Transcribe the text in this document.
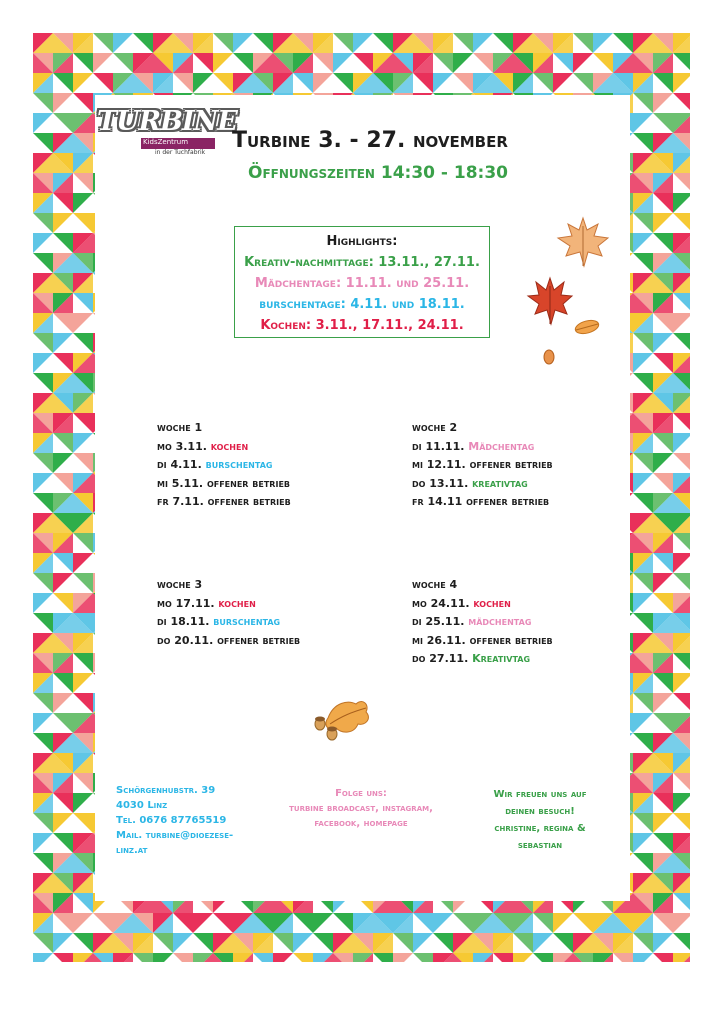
TURBINE
KidsZentrum
in der Tuchfabrik Turbine 3. - 27. november
Öffnungszeiten 14:30 - 18:30
Highlights:
Kreativ-nachmittage: 13.11., 27.11.
Mädchentage: 11.11. und 25.11.
burschentage: 4.11. und 18.11.
Kochen: 3.11., 17.11., 24.11.
woche 1
mo 3.11. kochen
di 4.11. burschentag
mi 5.11. offener betrieb
fr 7.11. offener betrieb
woche 2
di 11.11. Mädchentag
mi 12.11. offener betrieb
do 13.11. kreativtag
fr 14.11 offener betrieb
woche 3
mo 17.11. kochen
di 18.11. burschentag
do 20.11. offener betrieb
woche 4
mo 24.11. kochen
di 25.11. mädchentag
mi 26.11. offener betrieb
do 27.11. Kreativtag
Schörgenhubstr. 39
4030 Linz
Tel. 0676 87765519
Mail. turbine@dioezese-
linz.at
Folge uns:
turbine broadcast, instagram,
facebook, homepage
Wir freuen uns auf
deinen besuch!
christine, regina &
sebastian
